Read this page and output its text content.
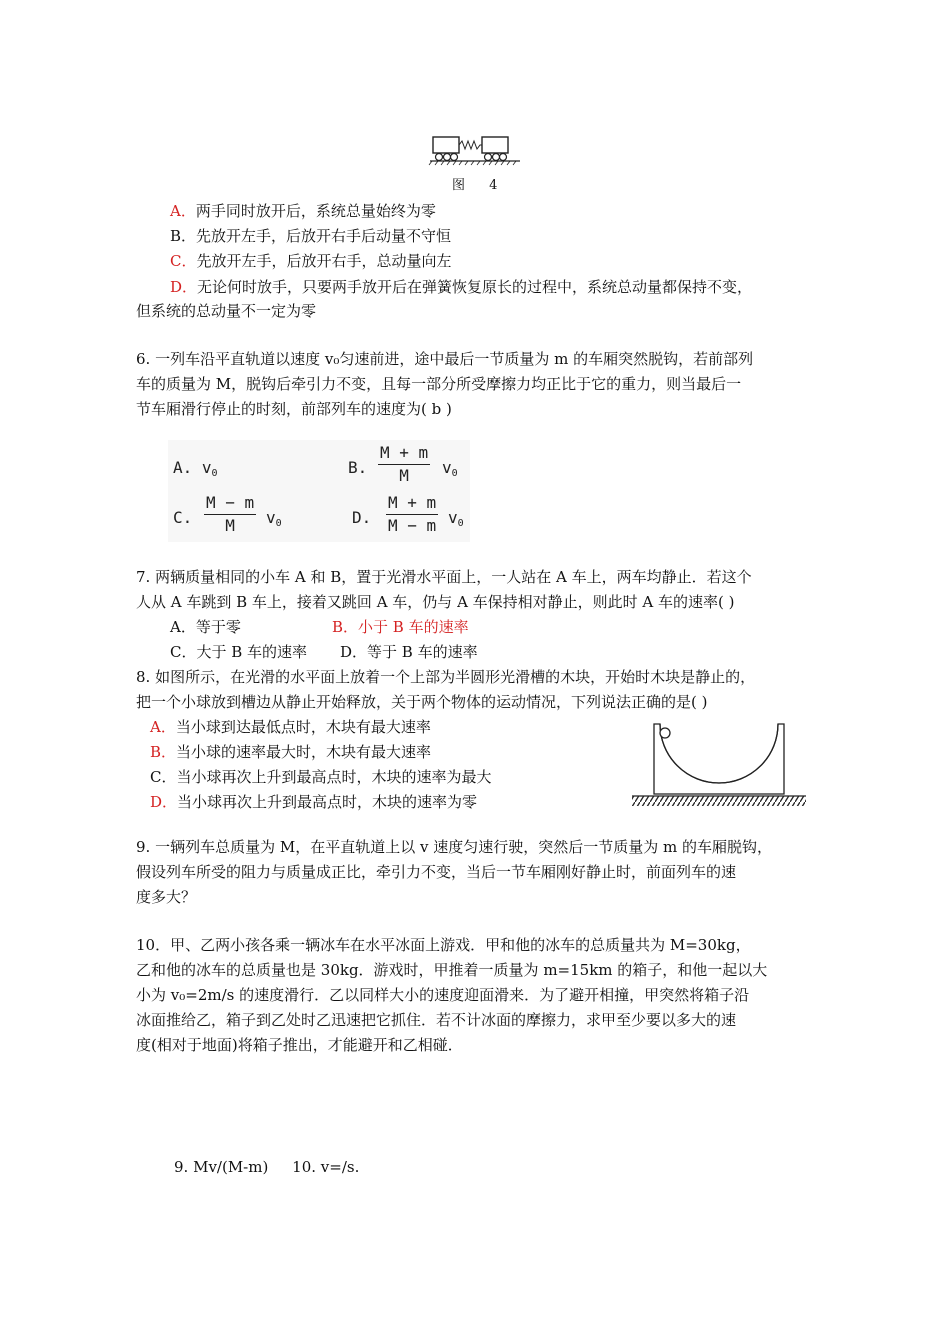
图 4
A．两手同时放开后，系统总量始终为零
B．先放开左手，后放开右手后动量不守恒
C．先放开左手，后放开右手，总动量向左
D．无论何时放手，只要两手放开后在弹簧恢复原长的过程中，系统总动量都保持不变，
但系统的总动量不一定为零
6. 一列车沿平直轨道以速度 v₀匀速前进，途中最后一节质量为 m 的车厢突然脱钩，若前部列
车的质量为 M，脱钩后牵引力不变，且每一部分所受摩擦力均正比于它的重力，则当最后一
节车厢滑行停止的时刻，前部列车的速度为( b )
A. $v_0$	B. $\frac{M + m}{M} v_0$
C. $\frac{M - m}{M} v_0$	D. $\frac{M + m}{M - m} v_0$
7. 两辆质量相同的小车 A 和 B，置于光滑水平面上，一人站在 A 车上，两车均静止．若这个
人从 A 车跳到 B 车上，接着又跳回 A 车，仍与 A 车保持相对静止，则此时 A 车的速率( )
A．等于零	B．小于 B 车的速率
C．大于 B 车的速率 D．等于 B 车的速率
8. 如图所示，在光滑的水平面上放着一个上部为半圆形光滑槽的木块，开始时木块是静止的，
把一个小球放到槽边从静止开始释放，关于两个物体的运动情况，下列说法正确的是( )
A．当小球到达最低点时，木块有最大速率
B．当小球的速率最大时，木块有最大速率
C．当小球再次上升到最高点时，木块的速率为最大
D．当小球再次上升到最高点时，木块的速率为零
9. 一辆列车总质量为 M，在平直轨道上以 v 速度匀速行驶，突然后一节质量为 m 的车厢脱钩，
假设列车所受的阻力与质量成正比，牵引力不变，当后一节车厢刚好静止时，前面列车的速
度多大？
10．甲、乙两小孩各乘一辆冰车在水平冰面上游戏．甲和他的冰车的总质量共为 M=30kg，
乙和他的冰车的总质量也是 30kg．游戏时，甲推着一质量为 m=15km 的箱子，和他一起以大
小为 v₀=2m/s 的速度滑行．乙以同样大小的速度迎面滑来．为了避开相撞，甲突然将箱子沿
冰面推给乙，箱子到乙处时乙迅速把它抓住．若不计冰面的摩擦力，求甲至少要以多大的速
度(相对于地面)将箱子推出，才能避开和乙相碰．
9. Mv/(M-m)     10. v=/s.
